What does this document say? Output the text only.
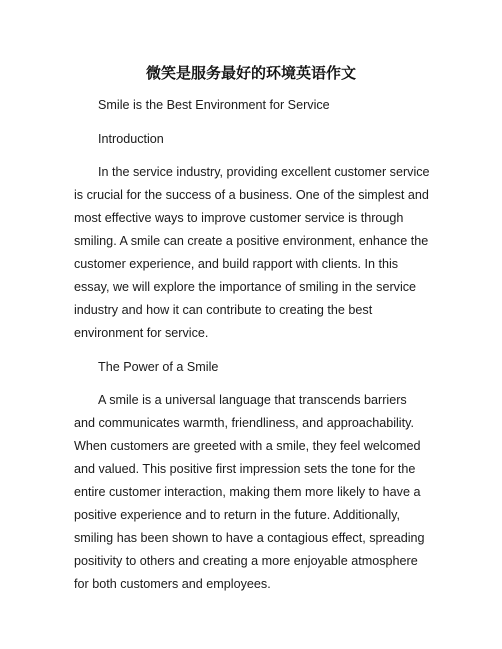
微笑是服务最好的环境英语作文

Smile is the Best Environment for Service

Introduction

In the service industry, providing excellent customer service is crucial for the success of a business. One of the simplest and most effective ways to improve customer service is through smiling. A smile can create a positive environment, enhance the customer experience, and build rapport with clients. In this essay, we will explore the importance of smiling in the service industry and how it can contribute to creating the best environment for service.

The Power of a Smile

A smile is a universal language that transcends barriers and communicates warmth, friendliness, and approachability. When customers are greeted with a smile, they feel welcomed and valued. This positive first impression sets the tone for the entire customer interaction, making them more likely to have a positive experience and to return in the future. Additionally, smiling has been shown to have a contagious effect, spreading positivity to others and creating a more enjoyable atmosphere for both customers and employees.
